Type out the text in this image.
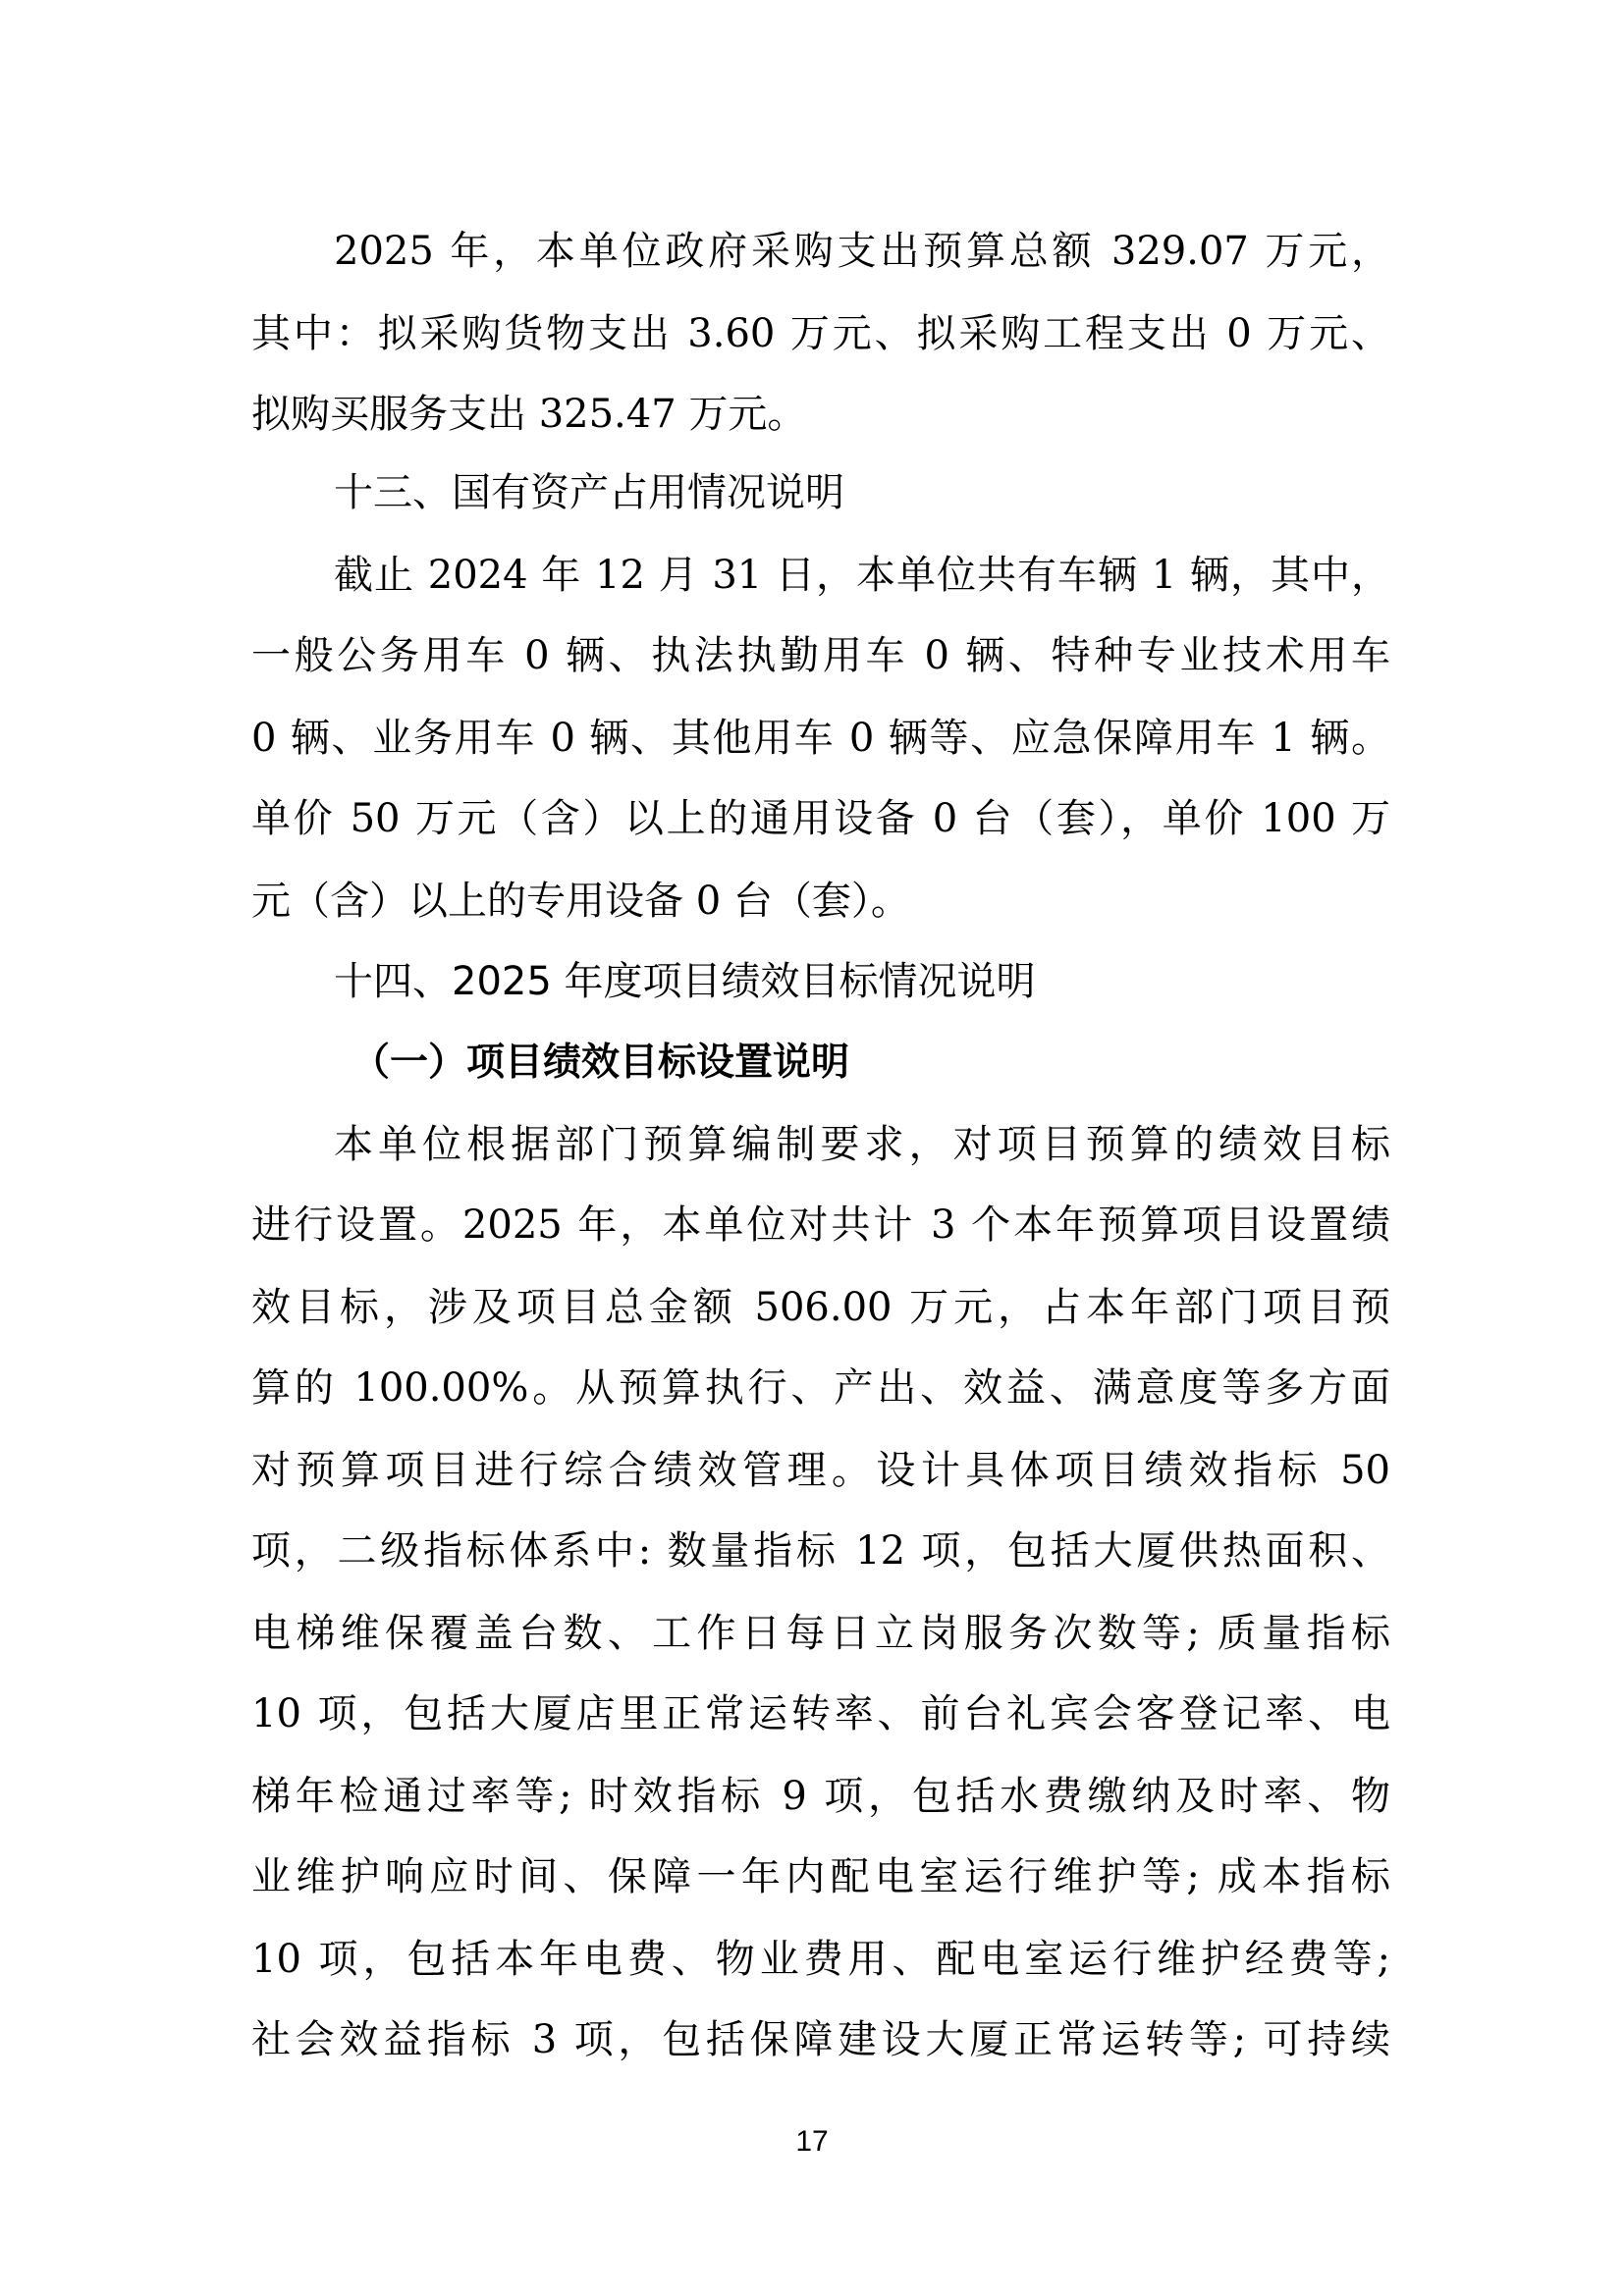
2025 年，本单位政府采购支出预算总额 329.07 万元，
其中：拟采购货物支出 3.60 万元、拟采购工程支出 0 万元、
拟购买服务支出 325.47 万元。
十三、国有资产占用情况说明
截止 2024 年 12 月 31 日，本单位共有车辆 1 辆，其中，
一般公务用车 0 辆、执法执勤用车 0 辆、特种专业技术用车
0 辆、业务用车 0 辆、其他用车 0 辆等、应急保障用车 1 辆。
单价 50 万元（含）以上的通用设备 0 台（套），单价 100 万
元（含）以上的专用设备 0 台（套）。
十四、2025 年度项目绩效目标情况说明
（一）项目绩效目标设置说明
本单位根据部门预算编制要求，对项目预算的绩效目标
进行设置。2025 年，本单位对共计 3 个本年预算项目设置绩
效目标，涉及项目总金额 506.00 万元，占本年部门项目预
算的 100.00%。从预算执行、产出、效益、满意度等多方面
对预算项目进行综合绩效管理。设计具体项目绩效指标 50
项，二级指标体系中: 数量指标 12 项，包括大厦供热面积、
电梯维保覆盖台数、工作日每日立岗服务次数等; 质量指标
10 项，包括大厦店里正常运转率、前台礼宾会客登记率、电
梯年检通过率等; 时效指标 9 项，包括水费缴纳及时率、物
业维护响应时间、保障一年内配电室运行维护等; 成本指标
10 项，包括本年电费、物业费用、配电室运行维护经费等;
社会效益指标 3 项，包括保障建设大厦正常运转等; 可持续
17
